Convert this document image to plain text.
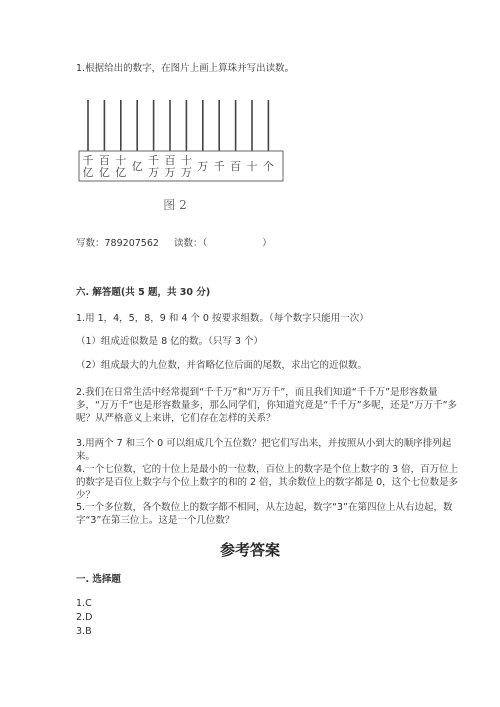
1.根据给出的数字，在图片上画上算珠并写出读数。
千亿
百亿
十亿 亿 千万
百万
十万 万 千 百 十 个
图 2
写数：789207562 读数：（	）
六. 解答题(共 5 题，共 30 分)
1.用 1，4，5，8，9 和 4 个 0 按要求组数。（每个数字只能用一次）
（1）组成近似数是 8 亿的数。（只写 3 个）
（2）组成最大的九位数，并省略亿位后面的尾数，求出它的近似数。
2.我们在日常生活中经常提到“千千万”和“万万千”，而且我们知道“千千万”是形容数量多，“万万千”也是形容数量多，那么同学们，你知道究竟是“千千万”多呢，还是“万万千”多呢？从严格意义上来讲，它们存在怎样的关系？
3.用两个 7 和三个 0 可以组成几个五位数？把它们写出来，并按照从小到大的顺序排列起来。
4.一个七位数，它的十位上是最小的一位数，百位上的数字是个位上数字的 3 倍，百万位上的数字是百位上数字与个位上数字的和的 2 倍，其余数位上的数字都是 0，这个七位数是多少？
5.一个多位数，各个数位上的数字都不相同，从左边起，数字“3”在第四位上从右边起，数字“3”在第三位上。这是一个几位数？
参考答案
一. 选择题
1.C
2.D
3.B
